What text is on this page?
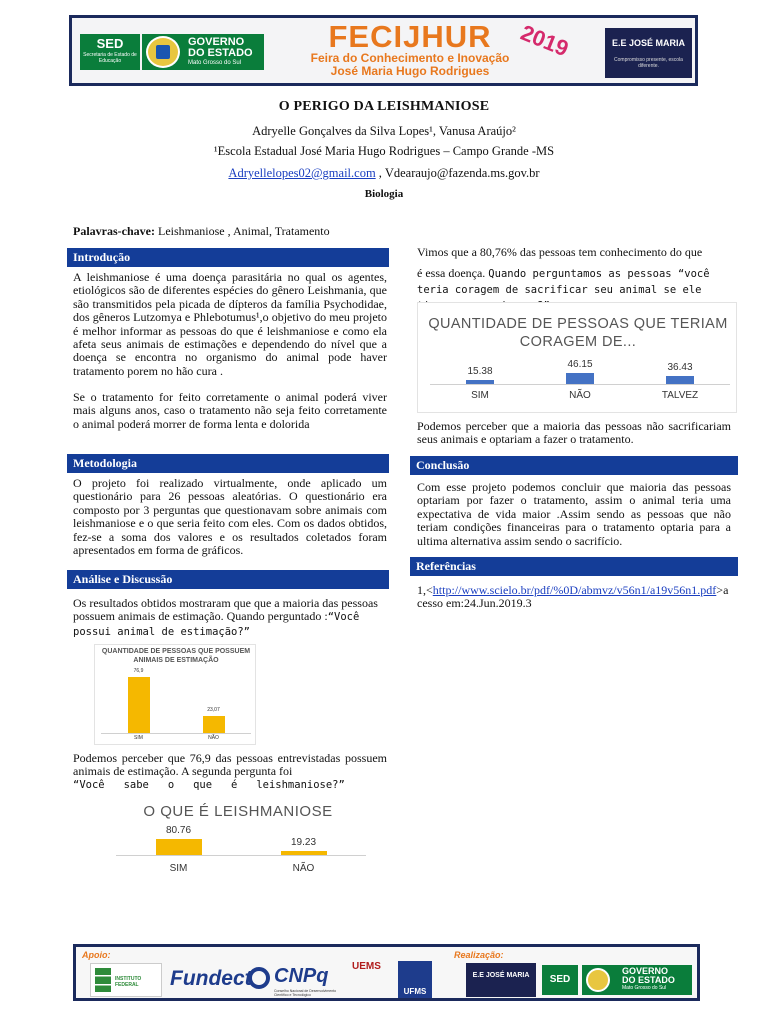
SED
Secretaria de Estado de Educação
GOVERNO
DO ESTADO
Mato Grosso do Sul
FECIJHUR
Feira do Conhecimento e Inovação
José Maria Hugo Rodrigues
2019	E.E JOSÉ MARIA
Compromisso presente, escola diferente.
O PERIGO DA LEISHMANIOSE
Adryelle Gonçalves da Silva Lopes¹, Vanusa Araújo²
¹Escola Estadual José Maria Hugo Rodrigues – Campo Grande -MS
Adryellelopes02@gmail.com , Vdearaujo@fazenda.ms.gov.br
Biologia
Palavras-chave: Leishmaniose , Animal, Tratamento
Introdução
A leishmaniose é uma doença parasitária no qual os agentes, etiológicos são de diferentes espécies do gênero Leishmania, que são transmitidos pela picada de dípteros da família Psychodidae, dos gêneros Lutzomya e Phlebotumus¹,o objetivo do meu projeto é melhor informar as pessoas do que é leishmaniose e como ela afeta seus animais de estimações e dependendo do nível que a doença se encontra no organismo do animal pode haver tratamento porem no hão cura .
Se o tratamento for feito corretamente o animal poderá viver mais alguns anos, caso o tratamento não seja feito corretamente o animal poderá morrer de forma lenta e dolorida
Metodologia
O projeto foi realizado virtualmente, onde aplicado um questionário para 26 pessoas aleatórias. O questionário era composto por 3 perguntas que questionavam sobre animais com leishmaniose e o que seria feito com eles. Com os dados obtidos, fez-se a soma dos valores e os resultados coletados foram apresentados em forma de gráficos.
Análise e Discussão
Os resultados obtidos mostraram que que a maioria das pessoas possuem animais de estimação. Quando perguntado :“Você possui animal de estimação?”
QUANTIDADE DE PESSOAS QUE POSSUEM ANIMAIS DE ESTIMAÇÃO
76,9
SIM
23,07
NÃO
Podemos perceber que 76,9 das pessoas entrevistadas possuem animais de estimação. A segunda pergunta foi
“Você   sabe   o   que   é   leishmaniose?”
O QUE É LEISHMANIOSE
80.76
SIM
19.23
NÃO
Vimos que a 80,76% das pessoas tem conhecimento do que
é essa doença. Quando perguntamos as pessoas “você teria coragem de sacrificar seu animal se ele
QUANTIDADE DE PESSOAS QUE TERIAM CORAGEM DE...
15.38
SIM
46.15
NÃO
36.43
TALVEZ
Podemos perceber que a maioria das pessoas não sacrificariam seus animais e optariam a fazer o tratamento.
Conclusão
Com esse projeto podemos concluir que maioria das pessoas optariam por fazer o tratamento, assim o animal teria uma expectativa de vida maior .Assim sendo as pessoas que não teriam condições financeiras para o tratamento optaria para a ultima alternativa assim sendo o sacrifício.
Referências
1,<http://www.scielo.br/pdf/%0D/abmvz/v56n1/a19v56n1.pdf>acesso em:24.Jun.2019.3
Apoio:	Realização:
INSTITUTO FEDERAL	Fundect CNPq
Conselho Nacional de Desenvolvimento Científico e Tecnológico
UEMS
UFMS
E.E JOSÉ MARIA	SED
GOVERNO
DO ESTADO
Mato Grosso do Sul
